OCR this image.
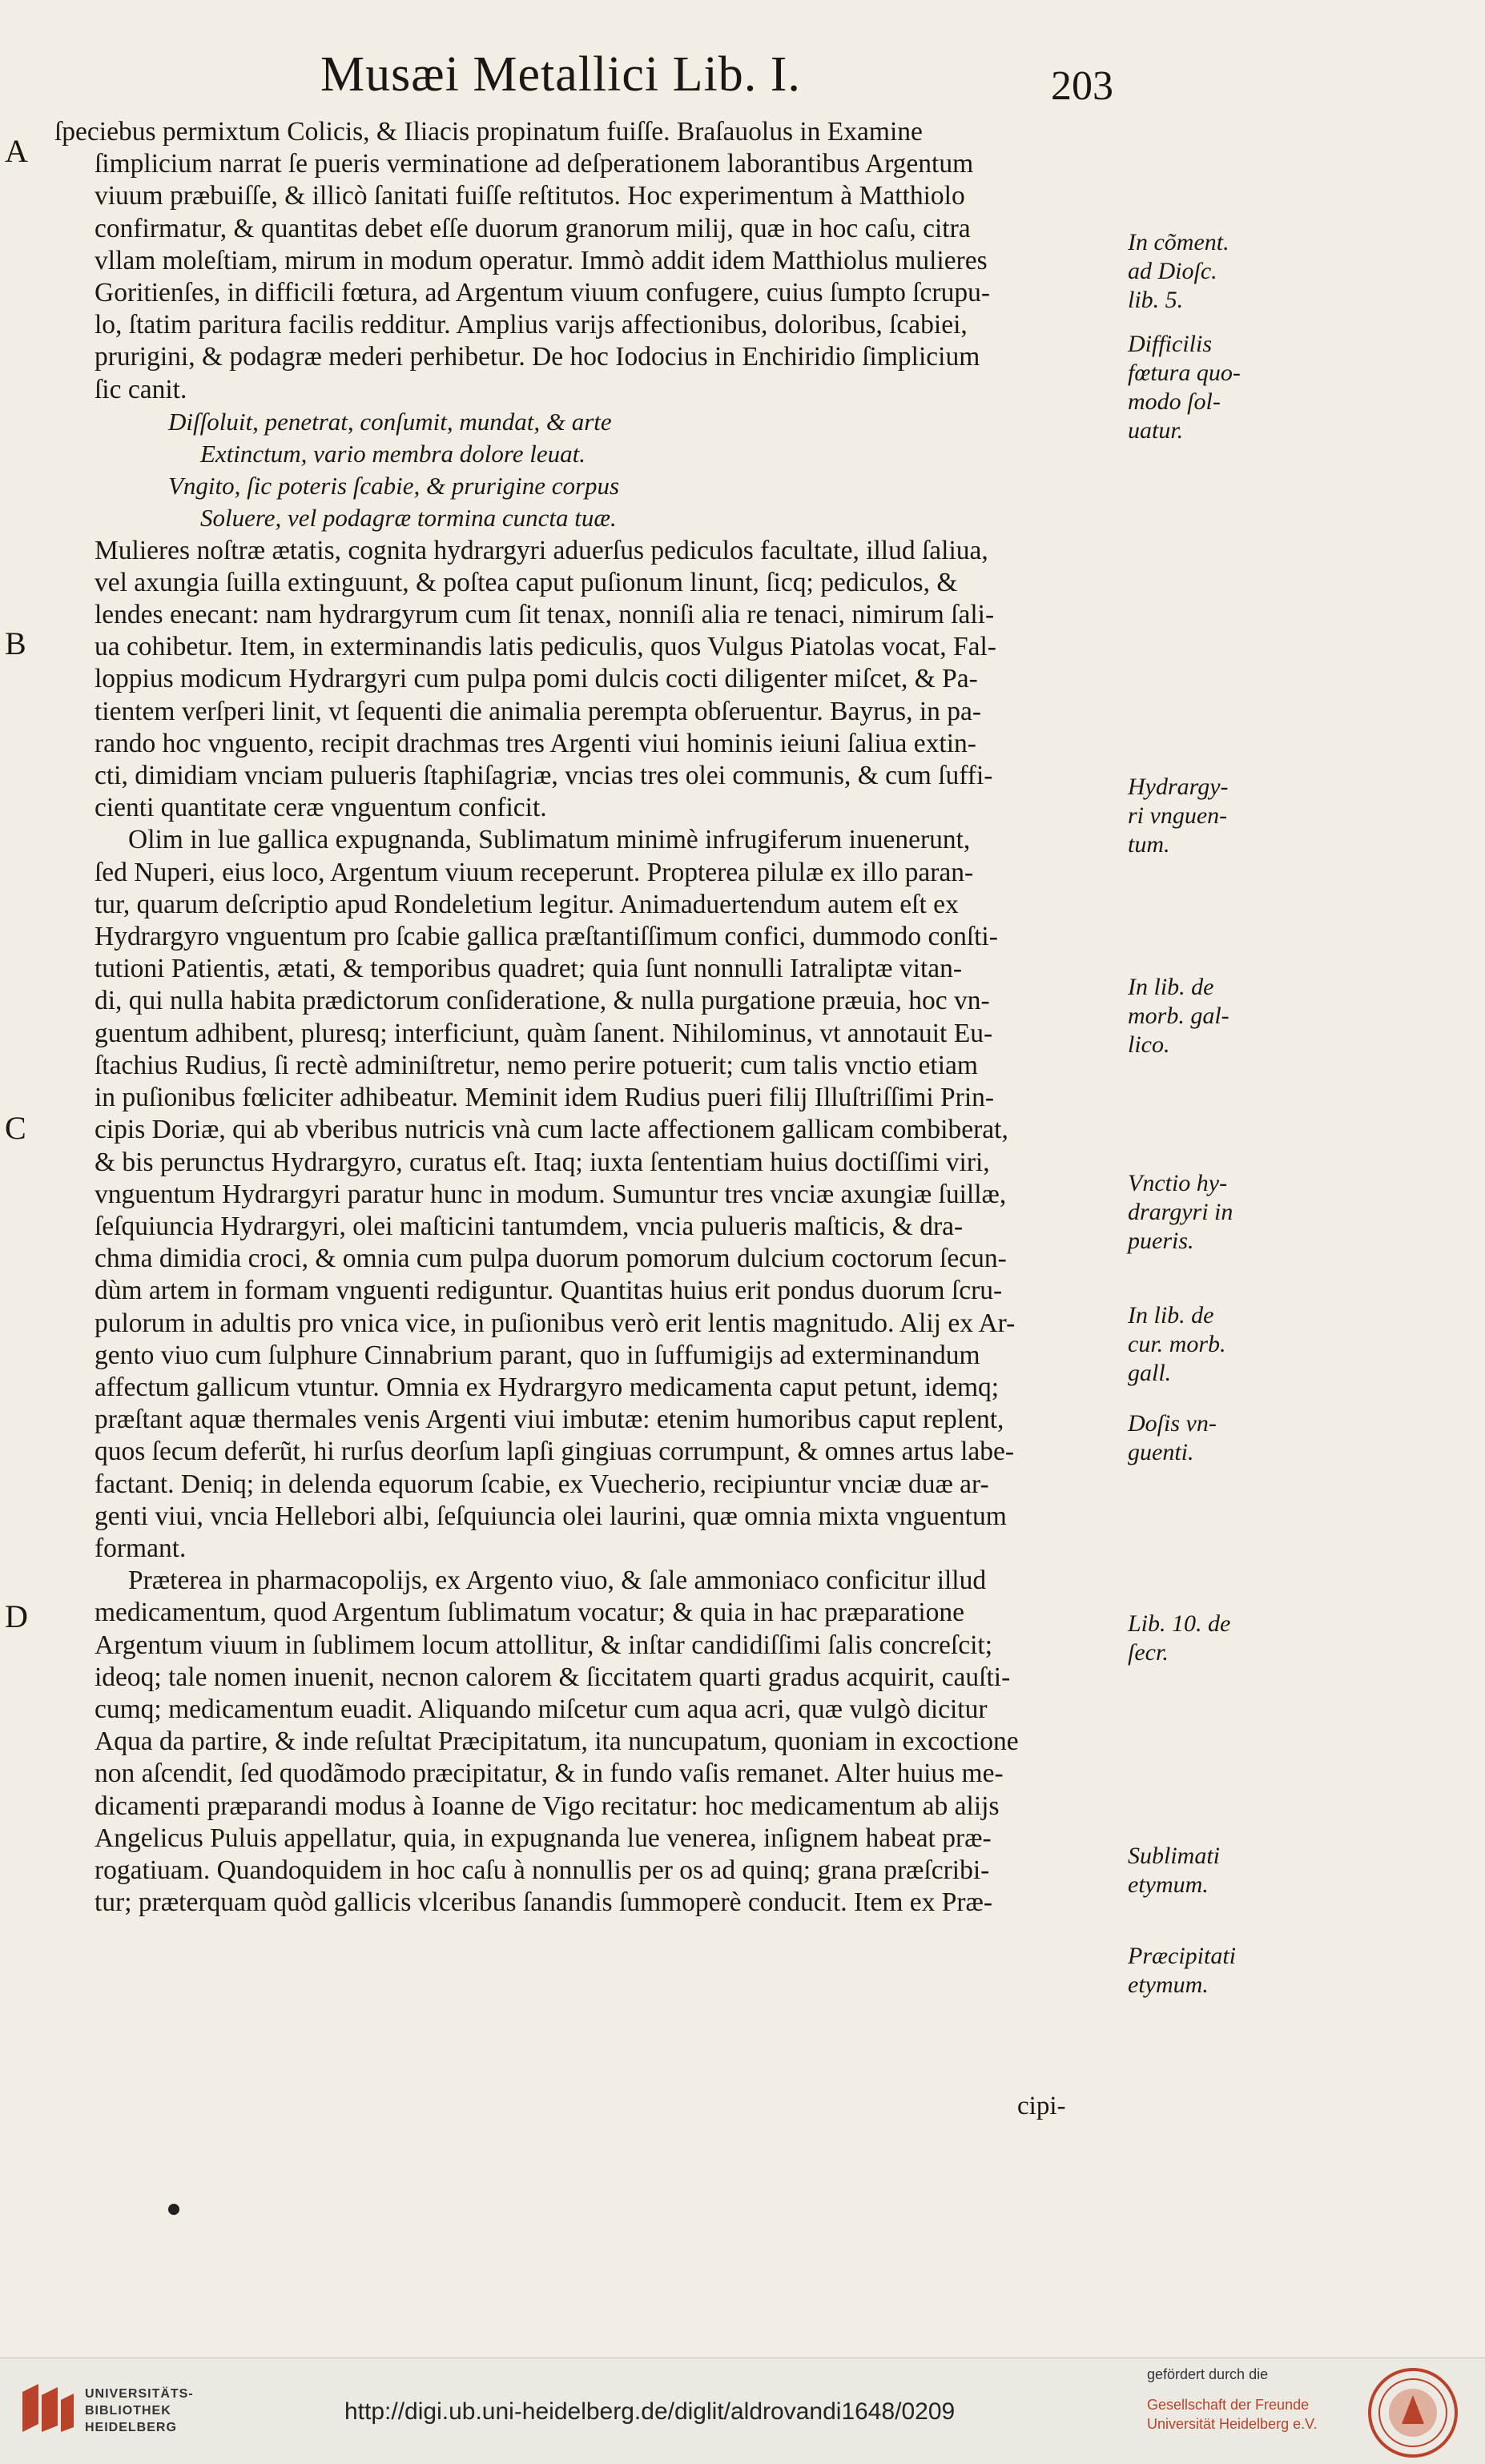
Musæi Metallici Lib. I.	203
A
B
C
D

ſpeciebus permixtum Colicis, & Iliacis propinatum fuiſſe. Braſauolus in Examine
ſimplicium narrat ſe pueris verminatione ad deſperationem laborantibus Argentum
viuum præbuiſſe, & illicò ſanitati fuiſſe reſtitutos. Hoc experimentum à Matthiolo
confirmatur, & quantitas debet eſſe duorum granorum milij, quæ in hoc caſu, citra
vllam moleſtiam, mirum in modum operatur. Immò addit idem Matthiolus mulieres
Goritienſes, in difficili fœtura, ad Argentum viuum confugere, cuius ſumpto ſcrupu-
lo, ſtatim paritura facilis redditur. Amplius varijs affectionibus, doloribus, ſcabiei,
prurigini, & podagræ mederi perhibetur. De hoc Iodocius in Enchiridio ſimplicium
ſic canit.

Diſſoluit, penetrat, conſumit, mundat, & arte
Extinctum, vario membra dolore leuat.
Vngito, ſic poteris ſcabie, & prurigine corpus
Soluere, vel podagræ tormina cuncta tuæ.

Mulieres noſtræ ætatis, cognita hydrargyri aduerſus pediculos facultate, illud ſaliua,
vel axungia ſuilla extinguunt, & poſtea caput puſionum linunt, ſicq; pediculos, &
lendes enecant: nam hydrargyrum cum ſit tenax, nonniſi alia re tenaci, nimirum ſali-
ua cohibetur. Item, in exterminandis latis pediculis, quos Vulgus Piatolas vocat, Fal-
loppius modicum Hydrargyri cum pulpa pomi dulcis cocti diligenter miſcet, & Pa-
tientem verſperi linit, vt ſequenti die animalia perempta obſeruentur. Bayrus, in pa-
rando hoc vnguento, recipit drachmas tres Argenti viui hominis ieiuni ſaliua extin-
cti, dimidiam vnciam pulueris ſtaphiſagriæ, vncias tres olei communis, & cum ſuffi-
cienti quantitate ceræ vnguentum conficit.

Olim in lue gallica expugnanda, Sublimatum minimè infrugiferum inuenerunt,
ſed Nuperi, eius loco, Argentum viuum receperunt. Propterea pilulæ ex illo paran-
tur, quarum deſcriptio apud Rondeletium legitur. Animaduertendum autem eſt ex
Hydrargyro vnguentum pro ſcabie gallica præſtantiſſimum confici, dummodo conſti-
tutioni Patientis, ætati, & temporibus quadret; quia ſunt nonnulli Iatraliptæ vitan-
di, qui nulla habita prædictorum conſideratione, & nulla purgatione præuia, hoc vn-
guentum adhibent, pluresq; interficiunt, quàm ſanent. Nihilominus, vt annotauit Eu-
ſtachius Rudius, ſi rectè adminiſtretur, nemo perire potuerit; cum talis vnctio etiam
in puſionibus fœliciter adhibeatur. Meminit idem Rudius pueri filij Illuſtriſſimi Prin-
cipis Doriæ, qui ab vberibus nutricis vnà cum lacte affectionem gallicam combiberat,
& bis perunctus Hydrargyro, curatus eſt. Itaq; iuxta ſententiam huius doctiſſimi viri,
vnguentum Hydrargyri paratur hunc in modum. Sumuntur tres vnciæ axungiæ ſuillæ,
ſeſquiuncia Hydrargyri, olei maſticini tantumdem, vncia pulueris maſticis, & dra-
chma dimidia croci, & omnia cum pulpa duorum pomorum dulcium coctorum ſecun-
dùm artem in formam vnguenti rediguntur. Quantitas huius erit pondus duorum ſcru-
pulorum in adultis pro vnica vice, in puſionibus verò erit lentis magnitudo. Alij ex Ar-
gento viuo cum ſulphure Cinnabrium parant, quo in ſuffumigijs ad exterminandum
affectum gallicum vtuntur. Omnia ex Hydrargyro medicamenta caput petunt, idemq;
præſtant aquæ thermales venis Argenti viui imbutæ: etenim humoribus caput replent,
quos ſecum deferũt, hi rurſus deorſum lapſi gingiuas corrumpunt, & omnes artus labe-
factant. Deniq; in delenda equorum ſcabie, ex Vuecherio, recipiuntur vnciæ duæ ar-
genti viui, vncia Hellebori albi, ſeſquiuncia olei laurini, quæ omnia mixta vnguentum
formant.

Præterea in pharmacopolijs, ex Argento viuo, & ſale ammoniaco conficitur illud
medicamentum, quod Argentum ſublimatum vocatur; & quia in hac præparatione
Argentum viuum in ſublimem locum attollitur, & inſtar candidiſſimi ſalis concreſcit;
ideoq; tale nomen inuenit, necnon calorem & ſiccitatem quarti gradus acquirit, cauſti-
cumq; medicamentum euadit. Aliquando miſcetur cum aqua acri, quæ vulgò dicitur
Aqua da partire, & inde reſultat Præcipitatum, ita nuncupatum, quoniam in excoctione
non aſcendit, ſed quodãmodo præcipitatur, & in fundo vaſis remanet. Alter huius me-
dicamenti præparandi modus à Ioanne de Vigo recitatur: hoc medicamentum ab alijs
Angelicus Puluis appellatur, quia, in expugnanda lue venerea, inſignem habeat præ-
rogatiuam. Quandoquidem in hoc caſu à nonnullis per os ad quinq; grana præſcribi-
tur; præterquam quòd gallicis vlceribus ſanandis ſummoperè conducit. Item ex Præ-

In cõment.
ad Dioſc.
lib. 5.
Difficilis
fœtura quo-
modo ſol-
uatur.
Hydrargy-
ri vnguen-
tum.
In lib. de
morb. gal-
lico.
Vnctio hy-
drargyri in
pueris.
In lib. de
cur. morb.
gall.
Doſis vn-
guenti.
Lib. 10. de
ſecr.
Sublimati
etymum.
Præcipitati
etymum.
cipi-
UNIVERSITÄTS-
BIBLIOTHEK
HEIDELBERG
http://digi.ub.uni-heidelberg.de/diglit/aldrovandi1648/0209
gefördert durch die
Gesellschaft der Freunde
Universität Heidelberg e.V.
